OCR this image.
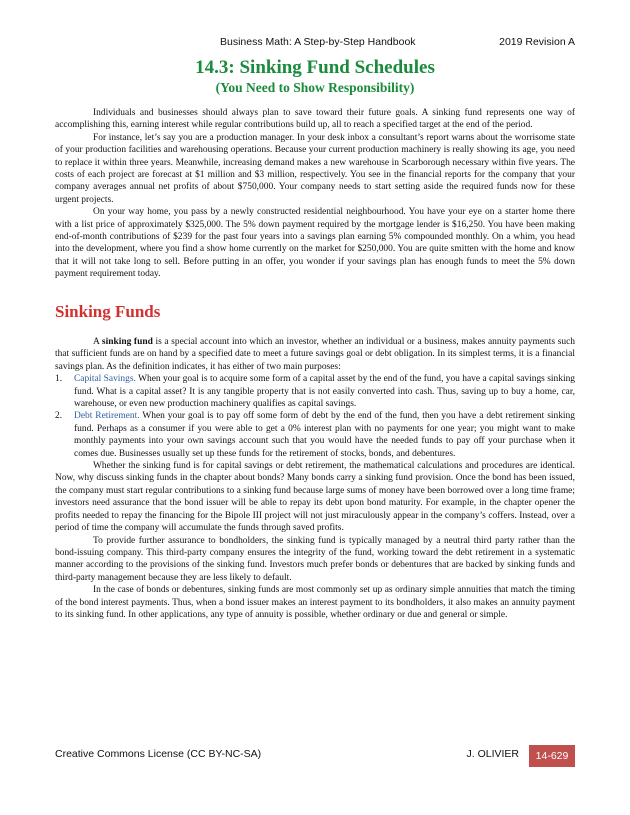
Business Math: A Step-by-Step Handbook	2019 Revision A
14.3: Sinking Fund Schedules
(You Need to Show Responsibility)

Individuals and businesses should always plan to save toward their future goals. A sinking fund represents one way of accomplishing this, earning interest while regular contributions build up, all to reach a specified target at the end of the period.

For instance, let’s say you are a production manager. In your desk inbox a consultant’s report warns about the worrisome state of your production facilities and warehousing operations. Because your current production machinery is really showing its age, you need to replace it within three years. Meanwhile, increasing demand makes a new warehouse in Scarborough necessary within five years. The costs of each project are forecast at $1 million and $3 million, respectively. You see in the financial reports for the company that your company averages annual net profits of about $750,000. Your company needs to start setting aside the required funds now for these urgent projects.

On your way home, you pass by a newly constructed residential neighbourhood. You have your eye on a starter home there with a list price of approximately $325,000. The 5% down payment required by the mortgage lender is $16,250. You have been making end-of-month contributions of $239 for the past four years into a savings plan earning 5% compounded monthly. On a whim, you head into the development, where you find a show home currently on the market for $250,000. You are quite smitten with the home and know that it will not take long to sell. Before putting in an offer, you wonder if your savings plan has enough funds to meet the 5% down payment requirement today.

Sinking Funds

A sinking fund is a special account into which an investor, whether an individual or a business, makes annuity payments such that sufficient funds are on hand by a specified date to meet a future savings goal or debt obligation. In its simplest terms, it is a financial savings plan. As the definition indicates, it has either of two main purposes:

1. Capital Savings. When your goal is to acquire some form of a capital asset by the end of the fund, you have a capital savings sinking fund. What is a capital asset? It is any tangible property that is not easily converted into cash. Thus, saving up to buy a home, car, warehouse, or even new production machinery qualifies as capital savings.
2. Debt Retirement. When your goal is to pay off some form of debt by the end of the fund, then you have a debt retirement sinking fund. Perhaps as a consumer if you were able to get a 0% interest plan with no payments for one year; you might want to make monthly payments into your own savings account such that you would have the needed funds to pay off your purchase when it comes due. Businesses usually set up these funds for the retirement of stocks, bonds, and debentures.

Whether the sinking fund is for capital savings or debt retirement, the mathematical calculations and procedures are identical. Now, why discuss sinking funds in the chapter about bonds? Many bonds carry a sinking fund provision. Once the bond has been issued, the company must start regular contributions to a sinking fund because large sums of money have been borrowed over a long time frame; investors need assurance that the bond issuer will be able to repay its debt upon bond maturity. For example, in the chapter opener the profits needed to repay the financing for the Bipole III project will not just miraculously appear in the company’s coffers. Instead, over a period of time the company will accumulate the funds through saved profits.

To provide further assurance to bondholders, the sinking fund is typically managed by a neutral third party rather than the bond-issuing company. This third-party company ensures the integrity of the fund, working toward the debt retirement in a systematic manner according to the provisions of the sinking fund. Investors much prefer bonds or debentures that are backed by sinking funds and third-party management because they are less likely to default.

In the case of bonds or debentures, sinking funds are most commonly set up as ordinary simple annuities that match the timing of the bond interest payments. Thus, when a bond issuer makes an interest payment to its bondholders, it also makes an annuity payment to its sinking fund. In other applications, any type of annuity is possible, whether ordinary or due and general or simple.

Creative Commons License (CC BY-NC-SA)	J. OLIVIER	14-629
